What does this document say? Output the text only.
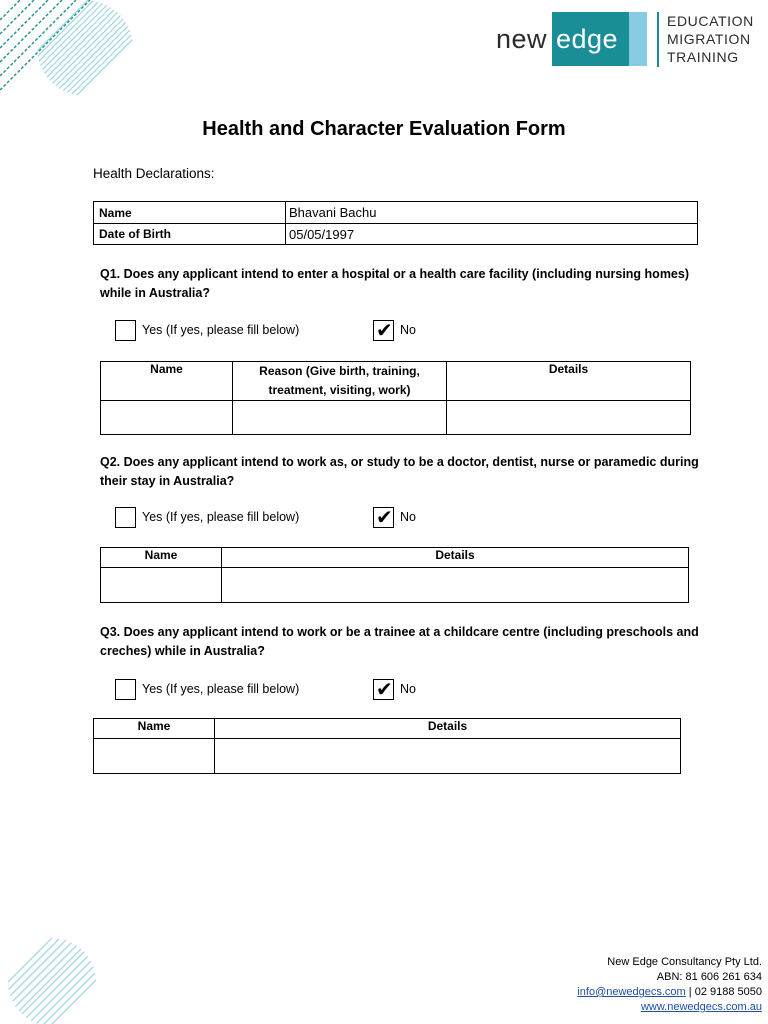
new edge
EDUCATION
MIGRATION
TRAINING
Health and Character Evaluation Form
Health Declarations:
Name	Bhavani Bachu
Date of Birth	05/05/1997
Q1. Does any applicant intend to enter a hospital or a health care facility (including nursing homes) while in Australia?
Yes (If yes, please fill below)	✔ No
Name	Reason (Give birth, training, treatment, visiting, work)	Details

Q2. Does any applicant intend to work as, or study to be a doctor, dentist, nurse or paramedic during their stay in Australia?
Yes (If yes, please fill below)	✔ No
Name	Details

Q3. Does any applicant intend to work or be a trainee at a childcare centre (including preschools and creches) while in Australia?
Yes (If yes, please fill below)	✔ No
Name	Details

New Edge Consultancy Pty Ltd.
ABN: 81 606 261 634
info@newedgecs.com | 02 9188 5050
www.newedgecs.com.au
